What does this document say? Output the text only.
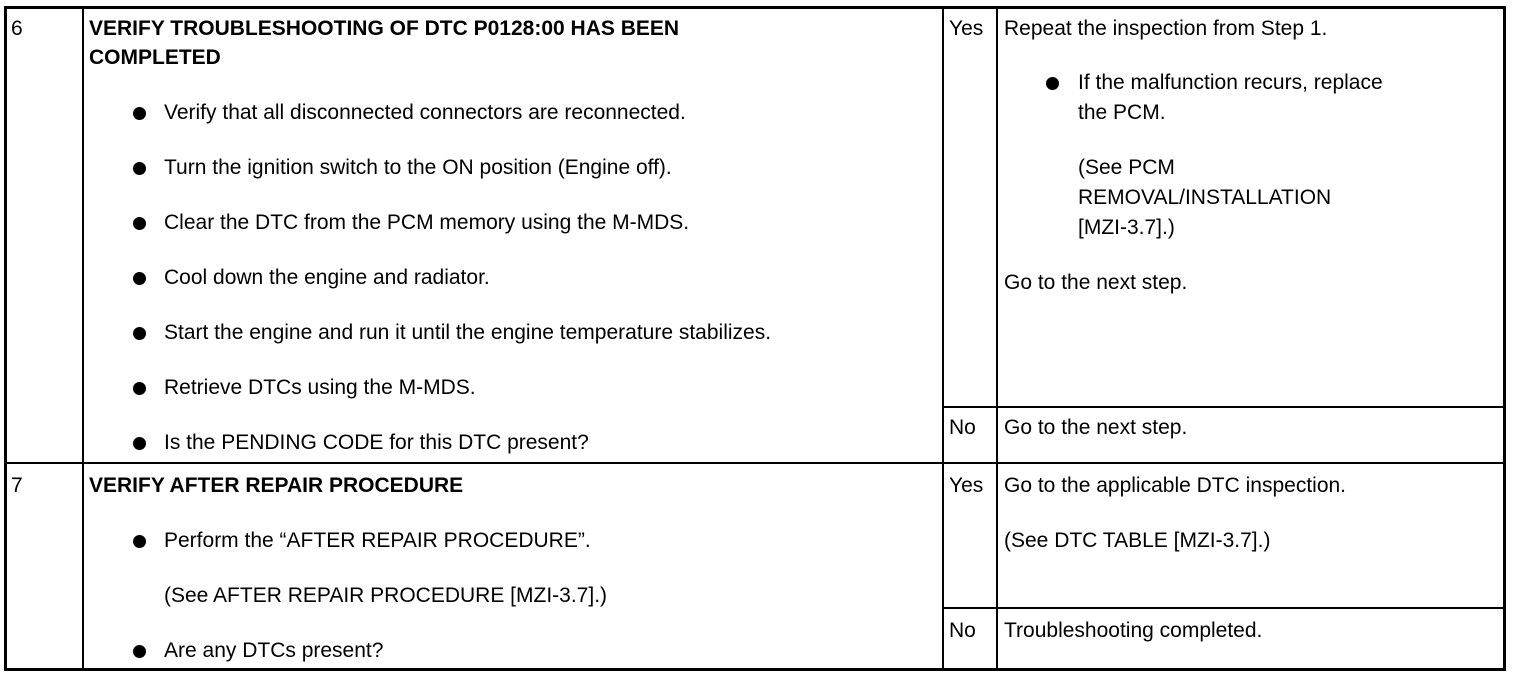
6	VERIFY TROUBLESHOOTING OF DTC P0128:00 HAS BEEN
COMPLETED
Verify that all disconnected connectors are reconnected.
Turn the ignition switch to the ON position (Engine off).
Clear the DTC from the PCM memory using the M-MDS.
Cool down the engine and radiator.
Start the engine and run it until the engine temperature stabilizes.
Retrieve DTCs using the M-MDS.
Is the PENDING CODE for this DTC present?
Yes Repeat the inspection from Step 1.
If the malfunction recurs, replace
the PCM.
(See PCM
REMOVAL/INSTALLATION
[MZI-3.7].)
Go to the next step.
No Go to the next step.
7	VERIFY AFTER REPAIR PROCEDURE
Perform the “AFTER REPAIR PROCEDURE”.
(See AFTER REPAIR PROCEDURE [MZI-3.7].)
Are any DTCs present?
Yes Go to the applicable DTC inspection.
(See DTC TABLE [MZI-3.7].)
No Troubleshooting completed.
